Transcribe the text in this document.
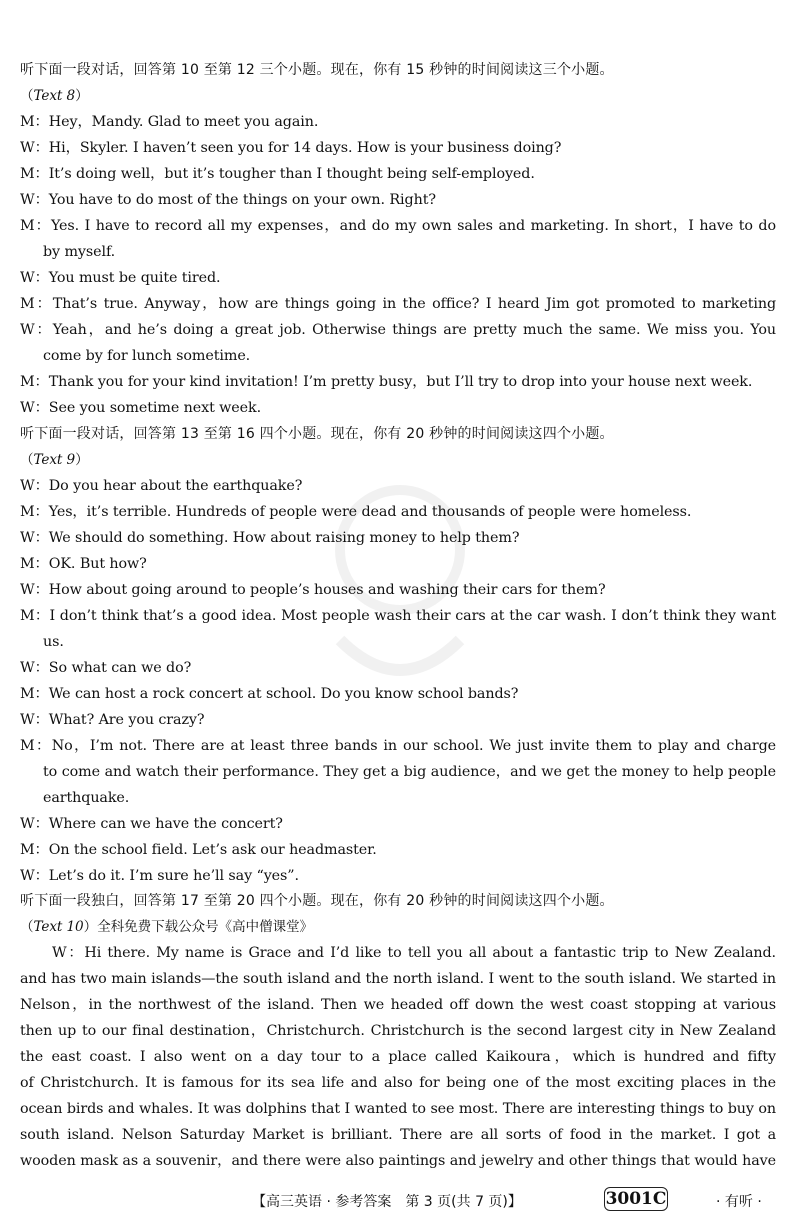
听下面一段对话，回答第 10 至第 12 三个小题。现在，你有 15 秒钟的时间阅读这三个小题。
（Text 8）
M：Hey，Mandy. Glad to meet you again.
W：Hi，Skyler. I haven’t seen you for 14 days. How is your business doing?
M：It’s doing well，but it’s tougher than I thought being self-employed.
W：You have to do most of the things on your own. Right?
M：Yes. I have to record all my expenses，and do my own sales and marketing. In short，I have to do
by myself.
W：You must be quite tired.
M：That’s true. Anyway，how are things going in the office? I heard Jim got promoted to marketing
W：Yeah，and he’s doing a great job. Otherwise things are pretty much the same. We miss you. You
come by for lunch sometime.
M：Thank you for your kind invitation! I’m pretty busy，but I’ll try to drop into your house next week.
W：See you sometime next week.
听下面一段对话，回答第 13 至第 16 四个小题。现在，你有 20 秒钟的时间阅读这四个小题。
（Text 9）
W：Do you hear about the earthquake?
M：Yes，it’s terrible. Hundreds of people were dead and thousands of people were homeless.
W：We should do something. How about raising money to help them?
M：OK. But how?
W：How about going around to people’s houses and washing their cars for them?
M：I don’t think that’s a good idea. Most people wash their cars at the car wash. I don’t think they want
us.
W：So what can we do?
M：We can host a rock concert at school. Do you know school bands?
W：What? Are you crazy?
M：No，I’m not. There are at least three bands in our school. We just invite them to play and charge
to come and watch their performance. They get a big audience，and we get the money to help people
earthquake.
W：Where can we have the concert?
M：On the school field. Let’s ask our headmaster.
W：Let’s do it. I’m sure he’ll say “yes”.
听下面一段独白，回答第 17 至第 20 四个小题。现在，你有 20 秒钟的时间阅读这四个小题。
（Text 10）全科免费下载公众号《高中僧课堂》
W：Hi there. My name is Grace and I’d like to tell you all about a fantastic trip to New Zealand.
and has two main islands—the south island and the north island. I went to the south island. We started in
Nelson，in the northwest of the island. Then we headed off down the west coast stopping at various
then up to our final destination，Christchurch. Christchurch is the second largest city in New Zealand
the east coast. I also went on a day tour to a place called Kaikoura，which is hundred and fifty
of Christchurch. It is famous for its sea life and also for being one of the most exciting places in the
ocean birds and whales. It was dolphins that I wanted to see most. There are interesting things to buy on
south island. Nelson Saturday Market is brilliant. There are all sorts of food in the market. I got a
wooden mask as a souvenir，and there were also paintings and jewelry and other things that would have
【高三英语 · 参考答案　第 3 页(共 7 页)】	3001C	· 有听 ·
